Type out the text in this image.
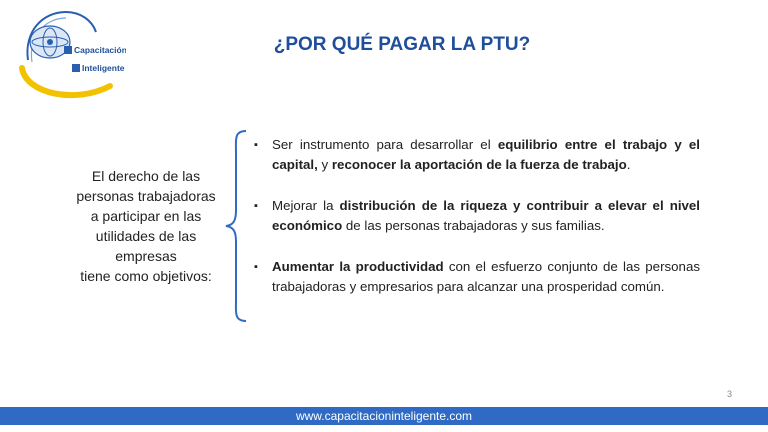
Capacitación
Inteligente
¿POR QUÉ PAGAR LA PTU?
El derecho de las
personas trabajadoras
a participar en las
utilidades de las
empresas
tiene como objetivos:
▪ Ser instrumento para desarrollar el equilibrio entre el trabajo y el capital, y reconocer la aportación de la fuerza de trabajo.
▪ Mejorar la distribución de la riqueza y contribuir a elevar el nivel económico de las personas trabajadoras y sus familias.
▪ Aumentar la productividad con el esfuerzo conjunto de las personas trabajadoras y empresarios para alcanzar una prosperidad común.
3
www.capacitacioninteligente.com
